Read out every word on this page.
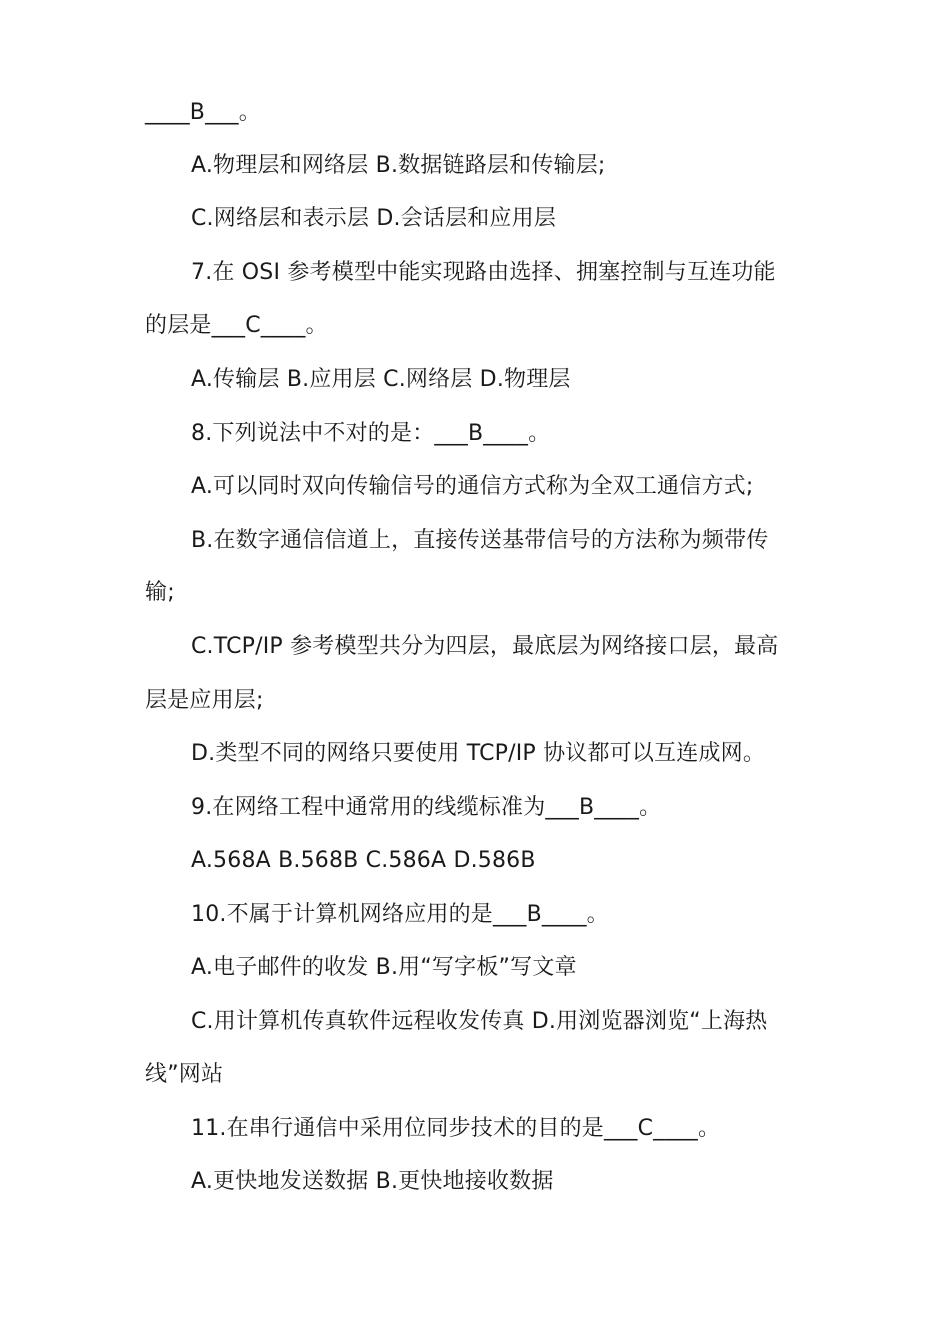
____B___。
A.物理层和网络层 B.数据链路层和传输层;
C.网络层和表示层 D.会话层和应用层
7.在 OSI 参考模型中能实现路由选择、拥塞控制与互连功能
的层是___C____。
A.传输层 B.应用层 C.网络层 D.物理层
8.下列说法中不对的是：___B____。
A.可以同时双向传输信号的通信方式称为全双工通信方式;
B.在数字通信信道上，直接传送基带信号的方法称为频带传
输;
C.TCP/IP 参考模型共分为四层，最底层为网络接口层，最高
层是应用层;
D.类型不同的网络只要使用 TCP/IP 协议都可以互连成网。
9.在网络工程中通常用的线缆标准为___B____。
A.568A B.568B C.586A D.586B
10.不属于计算机网络应用的是___B____。
A.电子邮件的收发 B.用“写字板”写文章
C.用计算机传真软件远程收发传真 D.用浏览器浏览“上海热
线”网站
11.在串行通信中采用位同步技术的目的是___C____。
A.更快地发送数据 B.更快地接收数据
